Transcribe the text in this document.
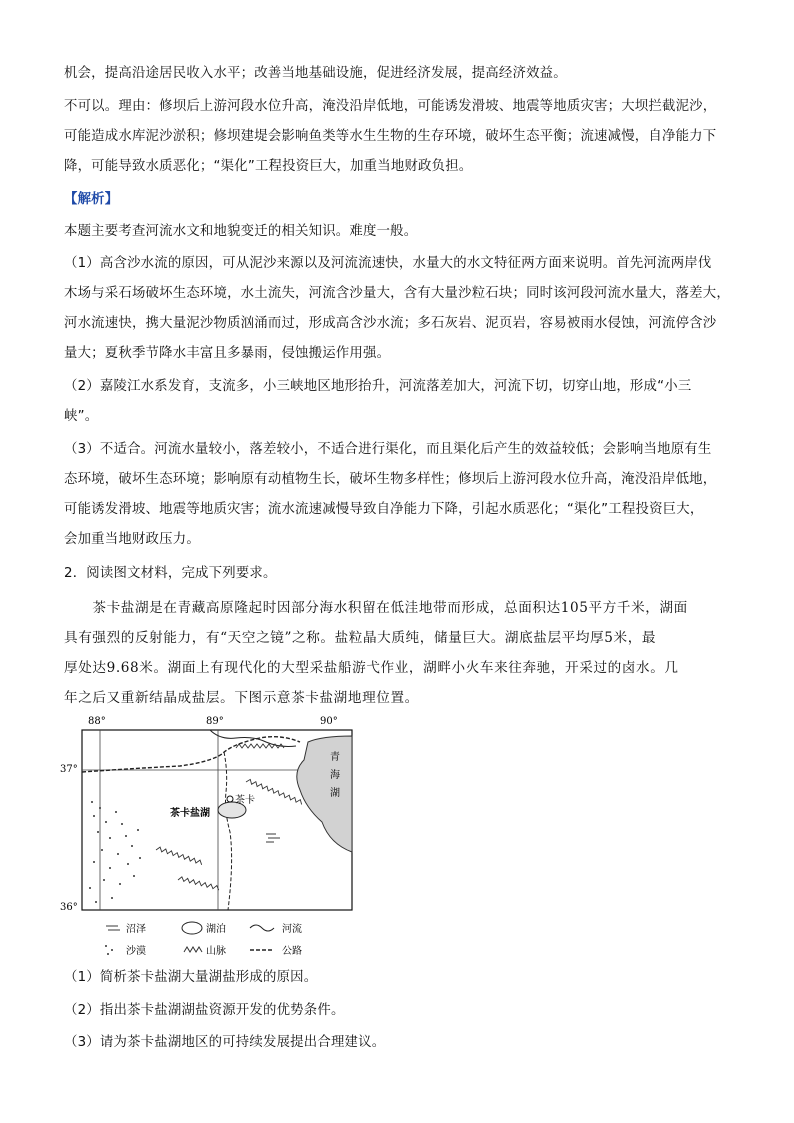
机会，提高沿途居民收入水平；改善当地基础设施，促进经济发展，提高经济效益。
不可以。理由：修坝后上游河段水位升高，淹没沿岸低地，可能诱发滑坡、地震等地质灾害；大坝拦截泥沙，
可能造成水库泥沙淤积；修坝建堤会影响鱼类等水生生物的生存环境，破坏生态平衡；流速减慢，自净能力下
降，可能导致水质恶化；“渠化”工程投资巨大，加重当地财政负担。
【解析】
本题主要考查河流水文和地貌变迁的相关知识。难度一般。
（1）高含沙水流的原因，可从泥沙来源以及河流流速快，水量大的水文特征两方面来说明。首先河流两岸伐
木场与采石场破坏生态环境，水土流失，河流含沙量大，含有大量沙粒石块；同时该河段河流水量大，落差大，
河水流速快，携大量泥沙物质汹涌而过，形成高含沙水流；多石灰岩、泥页岩，容易被雨水侵蚀，河流停含沙
量大；夏秋季节降水丰富且多暴雨，侵蚀搬运作用强。
（2）嘉陵江水系发育，支流多，小三峡地区地形抬升，河流落差加大，河流下切，切穿山地，形成“小三
峡”。
（3）不适合。河流水量较小，落差较小，不适合进行渠化，而且渠化后产生的效益较低；会影响当地原有生
态环境，破坏生态环境；影响原有动植物生长，破坏生物多样性；修坝后上游河段水位升高，淹没沿岸低地，
可能诱发滑坡、地震等地质灾害；流水流速减慢导致自净能力下降，引起水质恶化；“渠化”工程投资巨大，
会加重当地财政压力。
2．阅读图文材料，完成下列要求。
　　茶卡盐湖是在青藏高原隆起时因部分海水积留在低洼地带而形成，总面积达105平方千米，湖面
具有强烈的反射能力，有“天空之镜”之称。盐粒晶大质纯，储量巨大。湖底盐层平均厚5米，最
厚处达9.68米。湖面上有现代化的大型采盐船游弋作业，湖畔小火车来往奔驰，开采过的卤水。几
年之后又重新结晶成盐层。下图示意茶卡盐湖地理位置。
88°	89°	90°
37°
36°
青
海
湖
茶卡盐湖
茶卡
沼泽	湖泊	河流
沙漠	山脉	公路
（1）简析茶卡盐湖大量湖盐形成的原因。
（2）指出茶卡盐湖湖盐资源开发的优势条件。
（3）请为茶卡盐湖地区的可持续发展提出合理建议。
